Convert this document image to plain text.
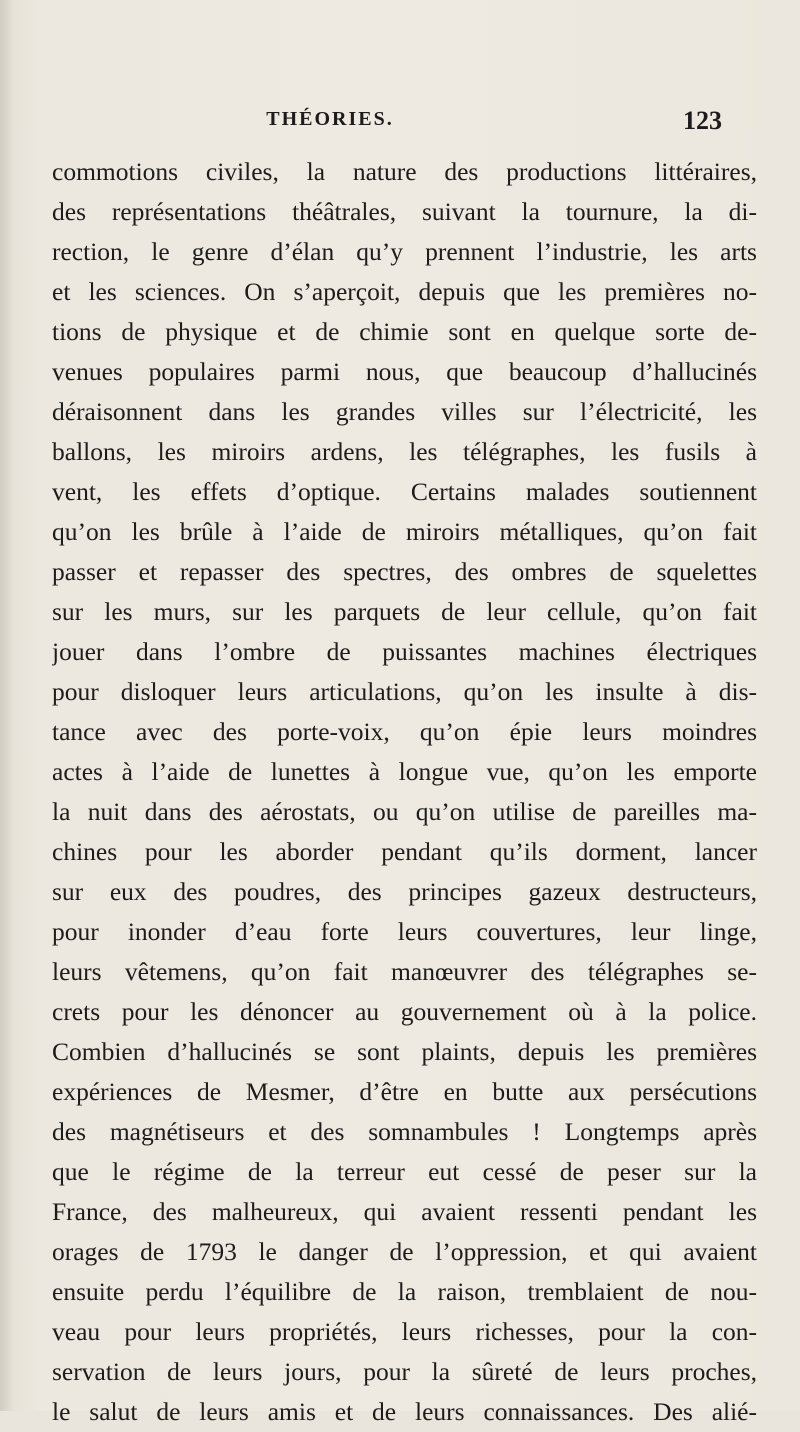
THÉORIES.	123
commotions civiles, la nature des productions littéraires,
des représentations théâtrales, suivant la tournure, la di-
rection, le genre d’élan qu’y prennent l’industrie, les arts
et les sciences. On s’aperçoit, depuis que les premières no-
tions de physique et de chimie sont en quelque sorte de-
venues populaires parmi nous, que beaucoup d’hallucinés
déraisonnent dans les grandes villes sur l’électricité, les
ballons, les miroirs ardens, les télégraphes, les fusils à
vent, les effets d’optique. Certains malades soutiennent
qu’on les brûle à l’aide de miroirs métalliques, qu’on fait
passer et repasser des spectres, des ombres de squelettes
sur les murs, sur les parquets de leur cellule, qu’on fait
jouer dans l’ombre de puissantes machines électriques
pour disloquer leurs articulations, qu’on les insulte à dis-
tance avec des porte-voix, qu’on épie leurs moindres
actes à l’aide de lunettes à longue vue, qu’on les emporte
la nuit dans des aérostats, ou qu’on utilise de pareilles ma-
chines pour les aborder pendant qu’ils dorment, lancer
sur eux des poudres, des principes gazeux destructeurs,
pour inonder d’eau forte leurs couvertures, leur linge,
leurs vêtemens, qu’on fait manœuvrer des télégraphes se-
crets pour les dénoncer au gouvernement où à la police.
Combien d’hallucinés se sont plaints, depuis les premières
expériences de Mesmer, d’être en butte aux persécutions
des magnétiseurs et des somnambules ! Longtemps après
que le régime de la terreur eut cessé de peser sur la
France, des malheureux, qui avaient ressenti pendant les
orages de 1793 le danger de l’oppression, et qui avaient
ensuite perdu l’équilibre de la raison, tremblaient de nou-
veau pour leurs propriétés, leurs richesses, pour la con-
servation de leurs jours, pour la sûreté de leurs proches,
le salut de leurs amis et de leurs connaissances. Des alié-
